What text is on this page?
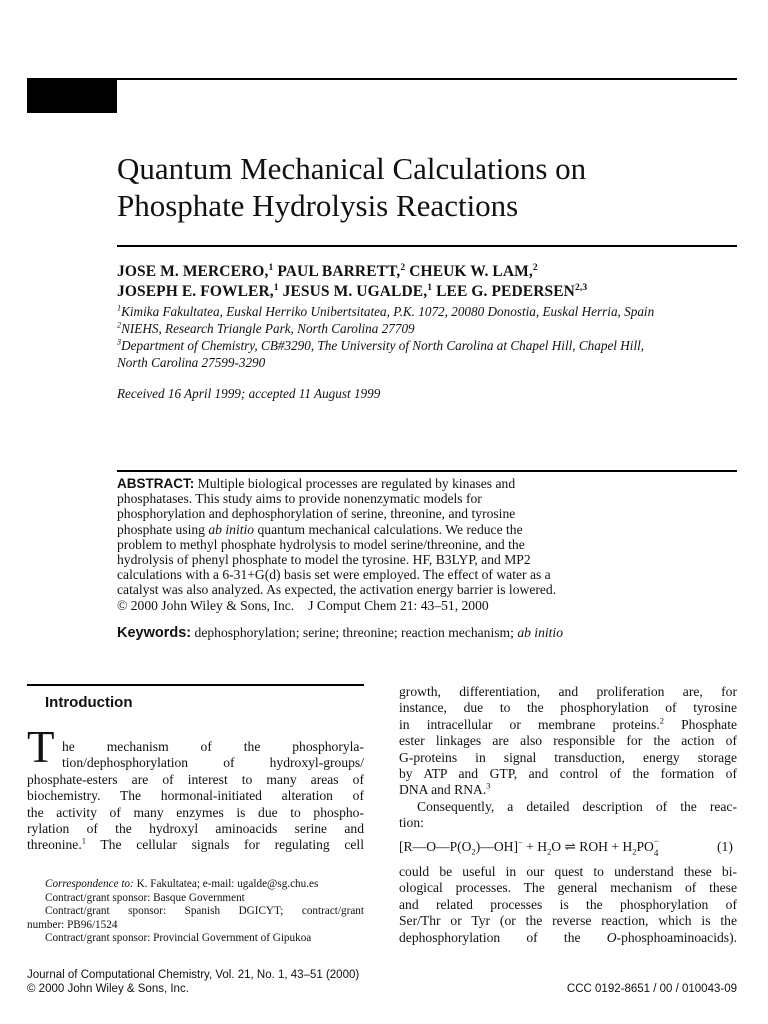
Quantum Mechanical Calculations on
Phosphate Hydrolysis Reactions
JOSE M. MERCERO,$^1$ PAUL BARRETT,$^2$ CHEUK W. LAM,$^2$
JOSEPH E. FOWLER,$^1$ JESUS M. UGALDE,$^1$ LEE G. PEDERSEN$^{2,3}$
$^1$Kimika Fakultatea, Euskal Herriko Unibertsitatea, P.K. 1072, 20080 Donostia, Euskal Herria, Spain
$^2$NIEHS, Research Triangle Park, North Carolina 27709
$^3$Department of Chemistry, CB#3290, The University of North Carolina at Chapel Hill, Chapel Hill,
North Carolina 27599-3290
Received 16 April 1999; accepted 11 August 1999
ABSTRACT: Multiple biological processes are regulated by kinases and
phosphatases. This study aims to provide nonenzymatic models for
phosphorylation and dephosphorylation of serine, threonine, and tyrosine
phosphate using ab initio quantum mechanical calculations. We reduce the
problem to methyl phosphate hydrolysis to model serine/threonine, and the
hydrolysis of phenyl phosphate to model the tyrosine. HF, B3LYP, and MP2
calculations with a 6-31+G(d) basis set were employed. The effect of water as a
catalyst was also analyzed. As expected, the activation energy barrier is lowered.
© 2000 John Wiley & Sons, Inc. J Comput Chem 21: 43–51, 2000
Keywords: dephosphorylation; serine; threonine; reaction mechanism; ab initio
Introduction
T he mechanism of the phosphoryla-
tion/dephosphorylation of hydroxyl-groups/
phosphate-esters are of interest to many areas of
biochemistry. The hormonal-initiated alteration of
the activity of many enzymes is due to phospho-
rylation of the hydroxyl aminoacids serine and
threonine.$^1$ The cellular signals for regulating cell
Correspondence to: K. Fakultatea; e-mail: ugalde@sg.chu.es
Contract/grant sponsor: Basque Government
Contract/grant sponsor: Spanish DGICYT; contract/grant
number: PB96/1524
Contract/grant sponsor: Provincial Government of Gipukoa
growth, differentiation, and proliferation are, for
instance, due to the phosphorylation of tyrosine
in intracellular or membrane proteins.$^2$ Phosphate
ester linkages are also responsible for the action of
G-proteins in signal transduction, energy storage
by ATP and GTP, and control of the formation of
DNA and RNA.$^3$
Consequently, a detailed description of the reac-
tion:
$[R—O—P(O_2)—OH]^- + H_2O$ ⇌ ROH + $H_2PO$ −
4	(1)
could be useful in our quest to understand these bi-
ological processes. The general mechanism of these
and related processes is the phosphorylation of
Ser/Thr or Tyr (or the reverse reaction, which is the
dephosphorylation of the O-phosphoaminoacids).
Journal of Computational Chemistry, Vol. 21, No. 1, 43–51 (2000)
© 2000 John Wiley & Sons, Inc.	CCC 0192-8651 / 00 / 010043-09
